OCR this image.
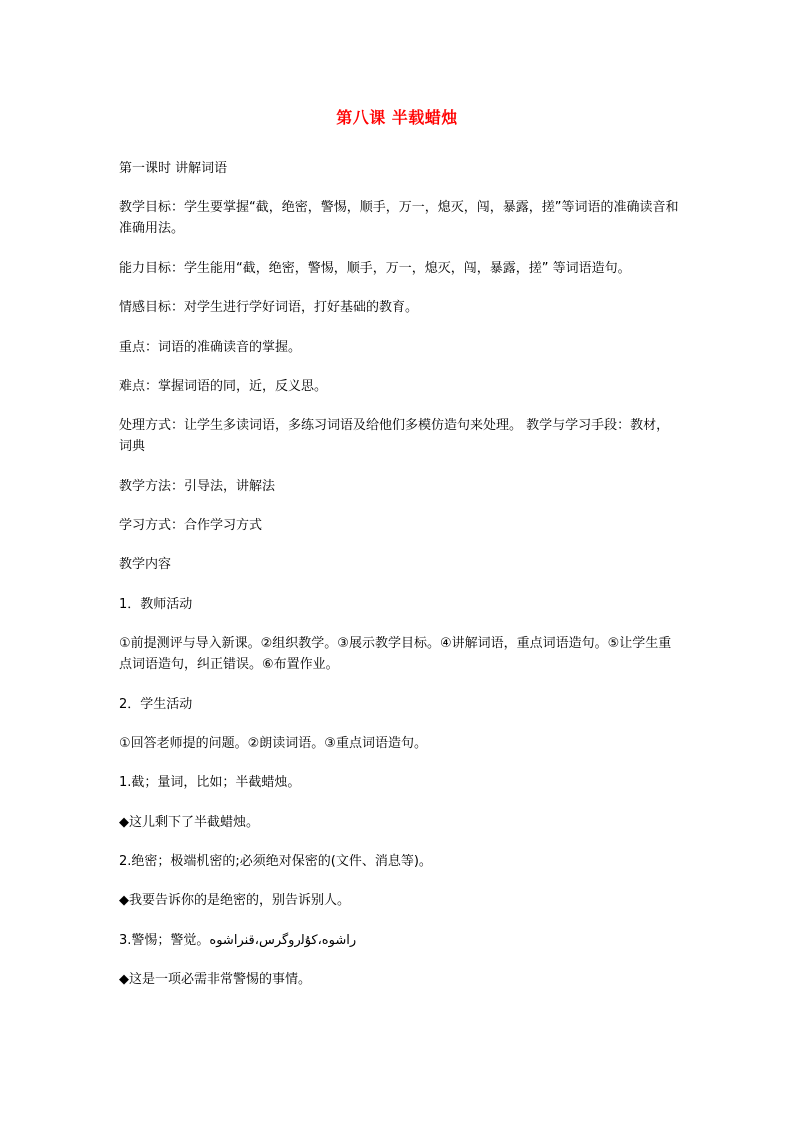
第八课 半载蜡烛
第一课时 讲解词语
教学目标：学生要掌握“截，绝密，警惕，顺手，万一，熄灭，闯，暴露，搓”等词语的准确读音和准确用法。
能力目标：学生能用“截，绝密，警惕，顺手，万一，熄灭，闯，暴露，搓” 等词语造句。
情感目标：对学生进行学好词语，打好基础的教育。
重点：词语的准确读音的掌握。
难点：掌握词语的同，近，反义思。
处理方式：让学生多读词语，多练习词语及给他们多模仿造句来处理。 教学与学习手段：教材，词典
教学方法：引导法，讲解法
学习方式：合作学习方式
教学内容
1．教师活动
①前提测评与导入新课。②组织教学。③展示教学目标。④讲解词语，重点词语造句。⑤让学生重点词语造句，纠正错误。⑥布置作业。
2．学生活动
①回答老师提的问题。②朗读词语。③重点词语造句。
1.截；量词，比如；半截蜡烛。
◆这儿剩下了半截蜡烛。
2.绝密；极端机密的;必须绝对保密的(文件、消息等)。
◆我要告诉你的是绝密的，别告诉别人。
3.警惕；警觉。ﺭﺍﺷﻮﻩ،ﻛﯘﻟﺭﻭﮔﺮﺱ،ﻗﻨﺮﺍﺷﻮﻩ
◆这是一项必需非常警惕的事情。
